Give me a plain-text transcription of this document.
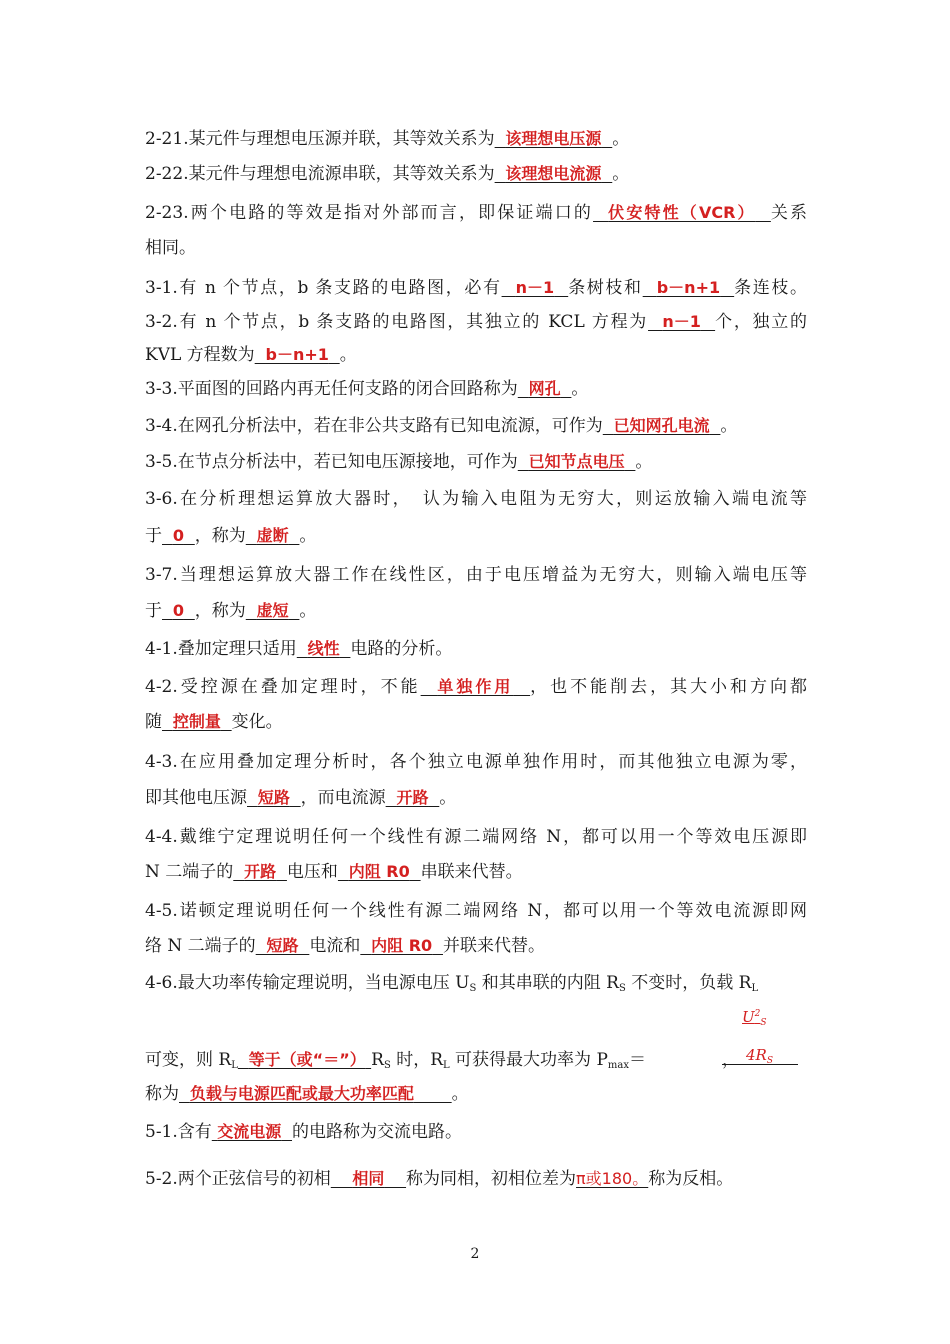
2-21.某元件与理想电压源并联，其等效关系为 该理想电压源 。
2-22.某元件与理想电流源串联，其等效关系为 该理想电流源 。
2-23.两个电路的等效是指对外部而言，即保证端口的 伏安特性（VCR） 关系
相同。
3-1.有 n 个节点，b 条支路的电路图，必有 n－1 条树枝和 b－n+1 条连枝。
3-2.有 n 个节点，b 条支路的电路图，其独立的 KCL 方程为 n－1 个，独立的
KVL 方程数为 b－n+1 。
3-3.平面图的回路内再无任何支路的闭合回路称为 网孔 。
3-4.在网孔分析法中，若在非公共支路有已知电流源，可作为 已知网孔电流 。
3-5.在节点分析法中，若已知电压源接地，可作为 已知节点电压 。
3-6.在分析理想运算放大器时，　认为输入电阻为无穷大，则运放输入端电流等
于 0 ，称为 虚断 。
3-7.当理想运算放大器工作在线性区，由于电压增益为无穷大，则输入端电压等
于 0 ，称为 虚短 。
4-1.叠加定理只适用 线性 电路的分析。
4-2.受控源在叠加定理时，不能 单独作用 ，也不能削去，其大小和方向都
随 控制量 变化。
4-3.在应用叠加定理分析时，各个独立电源单独作用时，而其他独立电源为零，
即其他电压源 短路 ，而电流源 开路 。
4-4.戴维宁定理说明任何一个线性有源二端网络 N，都可以用一个等效电压源即
N 二端子的 开路 电压和 内阻 R0 串联来代替。
4-5.诺顿定理说明任何一个线性有源二端网络 N，都可以用一个等效电流源即网
络 N 二端子的 短路 电流和 内阻 R0 并联来代替。
4-6.最大功率传输定理说明，当电源电压 $U_S$ 和其串联的内阻 $R_S$ 不变时，负载 $R_L$
$\frac{U^2_S}{4R_S}$
可变，则 $R_L$ 等于（或“＝”） $R_S$ 时，$R_L$ 可获得最大功率为 $P_{max}=$	，
称为 负载与电源匹配或最大功率匹配 。
5-1.含有 交流电源 的电路称为交流电路。
5-2.两个正弦信号的初相 相同 称为同相，初相位差为π或180。称为反相。
2
